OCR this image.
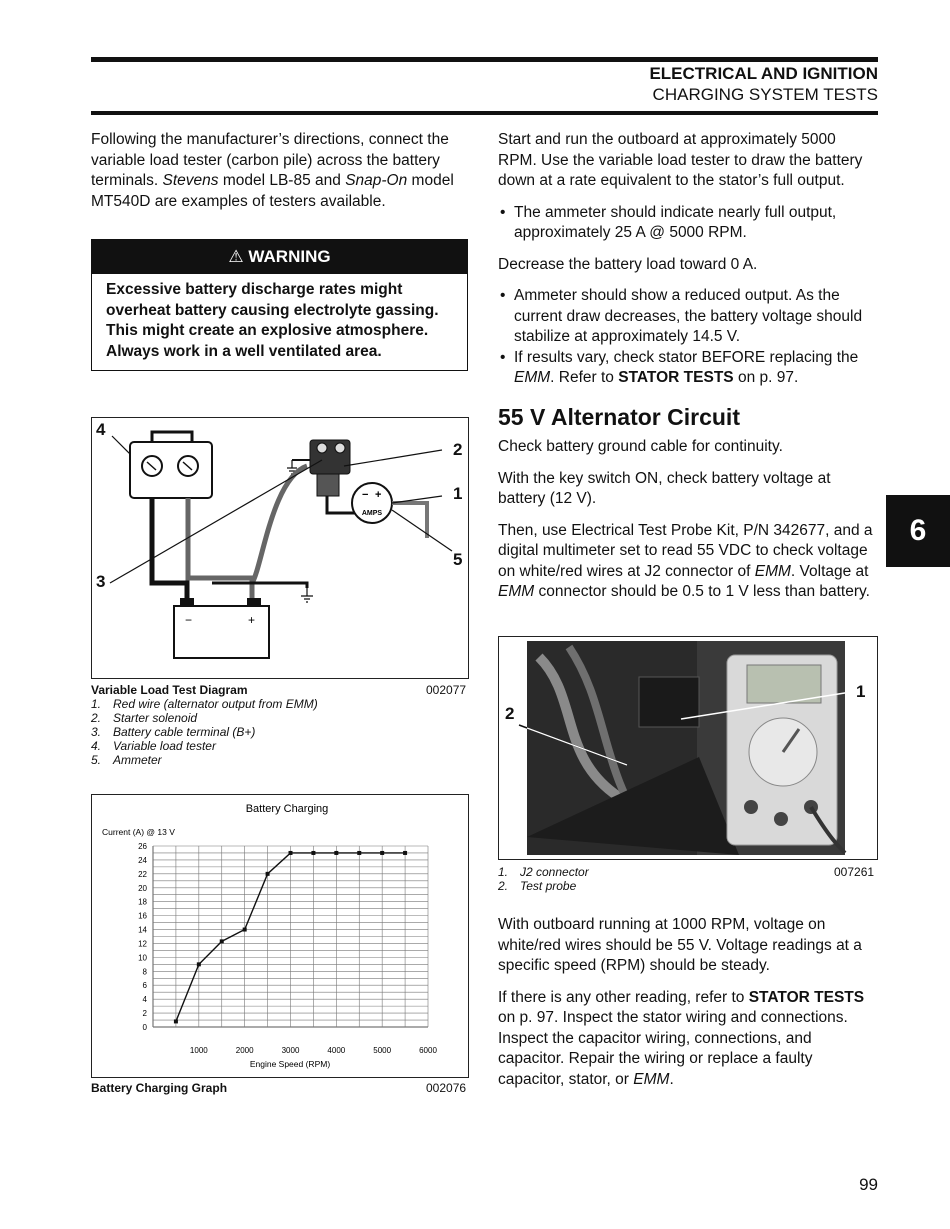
ELECTRICAL AND IGNITION
CHARGING SYSTEM TESTS
6
Following the manufacturer’s directions, connect the variable load tester (carbon pile) across the battery terminals. Stevens model LB-85 and Snap-On model MT540D are examples of testers available.
⚠ WARNING
Excessive battery discharge rates might overheat battery causing electrolyte gassing. This might create an explosive atmosphere. Always work in a well ventilated area.
− +
AMPS
−	+
4
2
1
3
5
Variable Load Test Diagram	002077
1. Red wire (alternator output from EMM)
2. Starter solenoid
3. Battery cable terminal (B+)
4. Variable load tester
5. Ammeter
Battery Charging
Current (A) @ 13 V
Engine Speed (RPM)
0
2
4
6
8
10
12
14
16
18
20
22
24
26
1000	2000	3000	4000	5000	6000
Battery Charging Graph	002076

Start and run the outboard at approximately 5000 RPM. Use the variable load tester to draw the battery down at a rate equivalent to the stator’s full output.

• The ammeter should indicate nearly full output, approximately 25 A @ 5000 RPM.

Decrease the battery load toward 0 A.

• Ammeter should show a reduced output. As the current draw decreases, the battery voltage should stabilize at approximately 14.5 V.
• If results vary, check stator BEFORE replacing the EMM. Refer to STATOR TESTS on p. 97.
55 V Alternator Circuit

Check battery ground cable for continuity.

With the key switch ON, check battery voltage at battery (12 V).

Then, use Electrical Test Probe Kit, P/N 342677, and a digital multimeter set to read 55 VDC to check voltage on white/red wires at J2 connector of EMM. Voltage at EMM connector should be 0.5 to 1 V less than battery.

1
2
1. J2 connector
2. Test probe
007261

With outboard running at 1000 RPM, voltage on white/red wires should be 55 V. Voltage readings at a specific speed (RPM) should be steady.

If there is any other reading, refer to STATOR TESTS on p. 97. Inspect the stator wiring and connections. Inspect the capacitor wiring, connections, and capacitor. Repair the wiring or replace a faulty capacitor, stator, or EMM.

99
